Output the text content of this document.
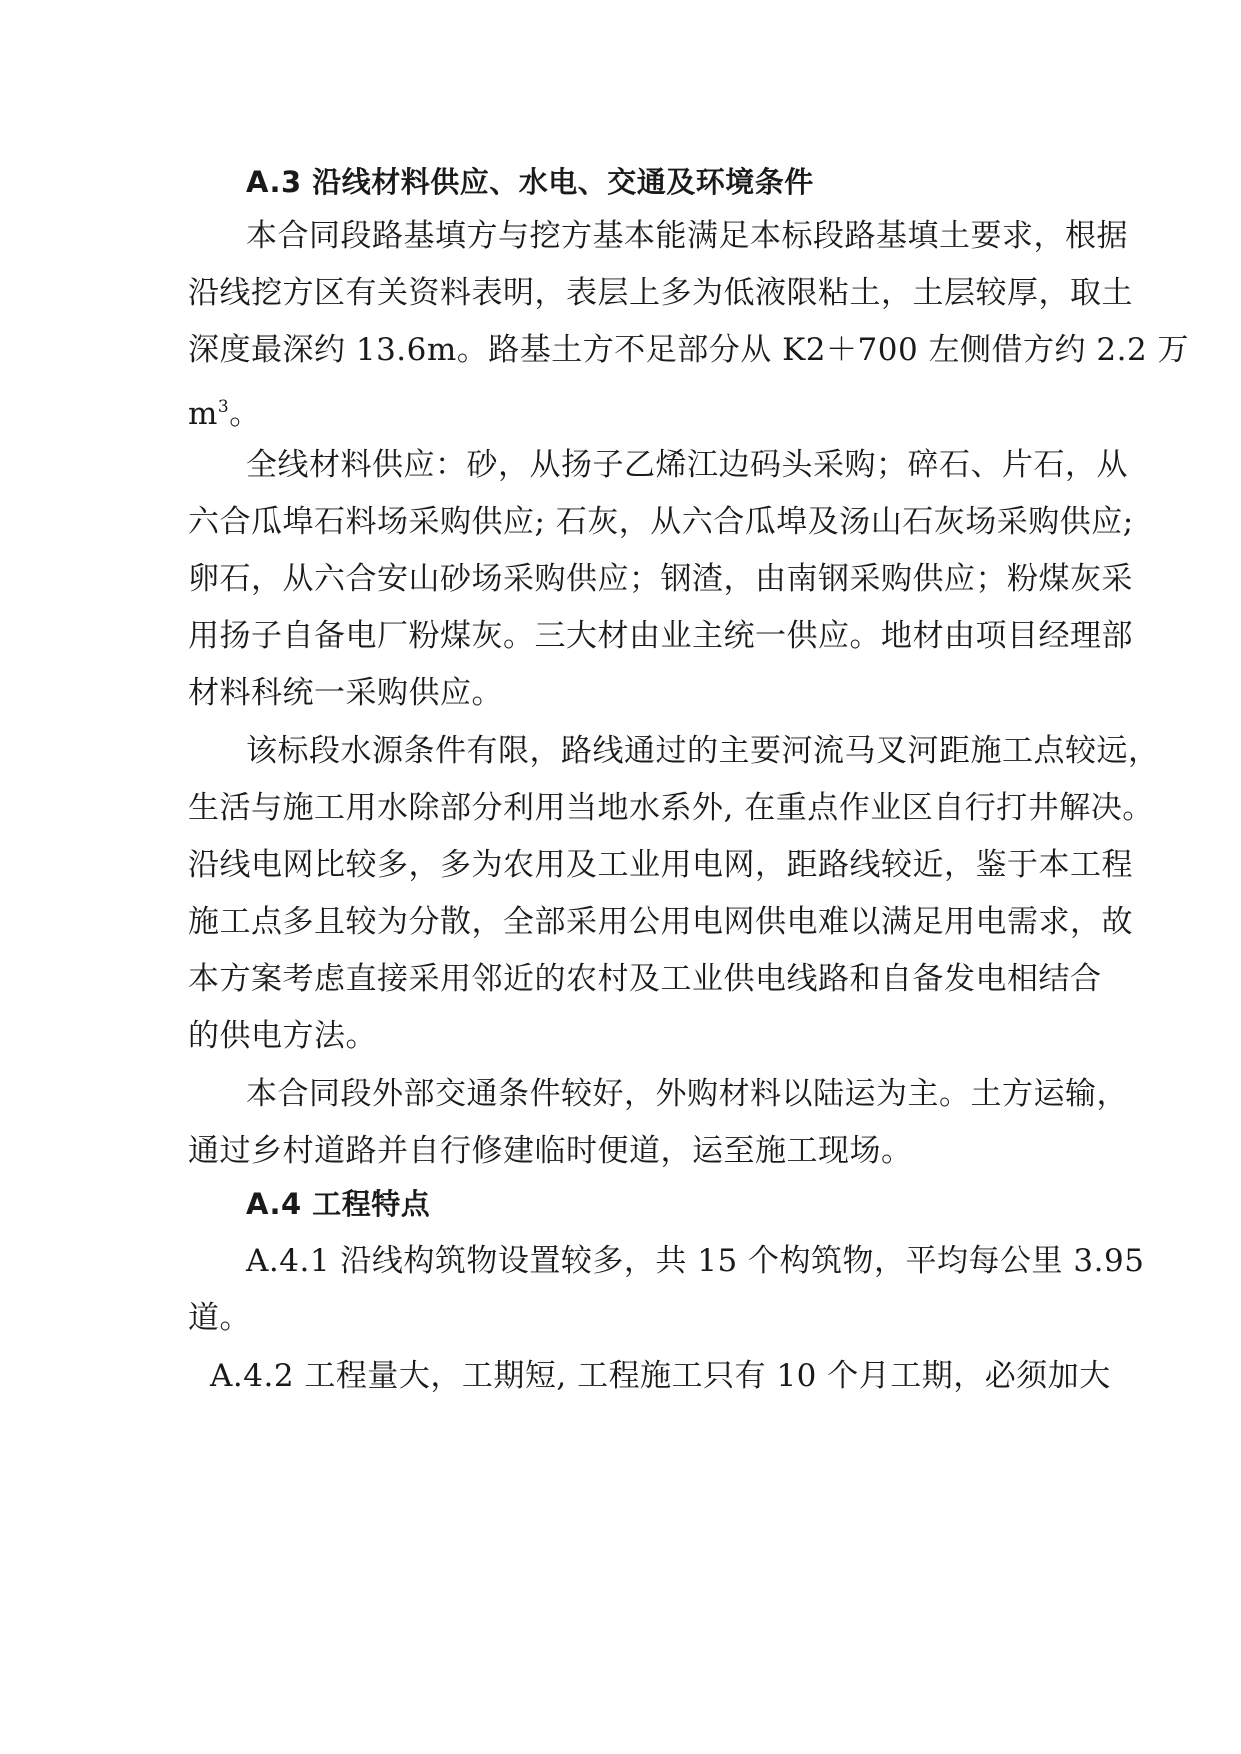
A.3 沿线材料供应、水电、交通及环境条件
本合同段路基填方与挖方基本能满足本标段路基填土要求，根据
沿线挖方区有关资料表明，表层上多为低液限粘土，土层较厚，取土
深度最深约 13.6m。路基土方不足部分从 K2＋700 左侧借方约 2.2 万
$m^3$。
全线材料供应：砂，从扬子乙烯江边码头采购；碎石、片石，从
六合瓜埠石料场采购供应; 石灰，从六合瓜埠及汤山石灰场采购供应;
卵石，从六合安山砂场采购供应；钢渣，由南钢采购供应；粉煤灰采
用扬子自备电厂粉煤灰。三大材由业主统一供应。地材由项目经理部
材料科统一采购供应。
该标段水源条件有限，路线通过的主要河流马叉河距施工点较远，
生活与施工用水除部分利用当地水系外, 在重点作业区自行打井解决。
沿线电网比较多，多为农用及工业用电网，距路线较近，鉴于本工程
施工点多且较为分散，全部采用公用电网供电难以满足用电需求，故
本方案考虑直接采用邻近的农村及工业供电线路和自备发电相结合
的供电方法。
本合同段外部交通条件较好，外购材料以陆运为主。土方运输，
通过乡村道路并自行修建临时便道，运至施工现场。
A.4 工程特点
A.4.1 沿线构筑物设置较多，共 15 个构筑物，平均每公里 3.95
道。
A.4.2 工程量大，工期短, 工程施工只有 10 个月工期，必须加大
